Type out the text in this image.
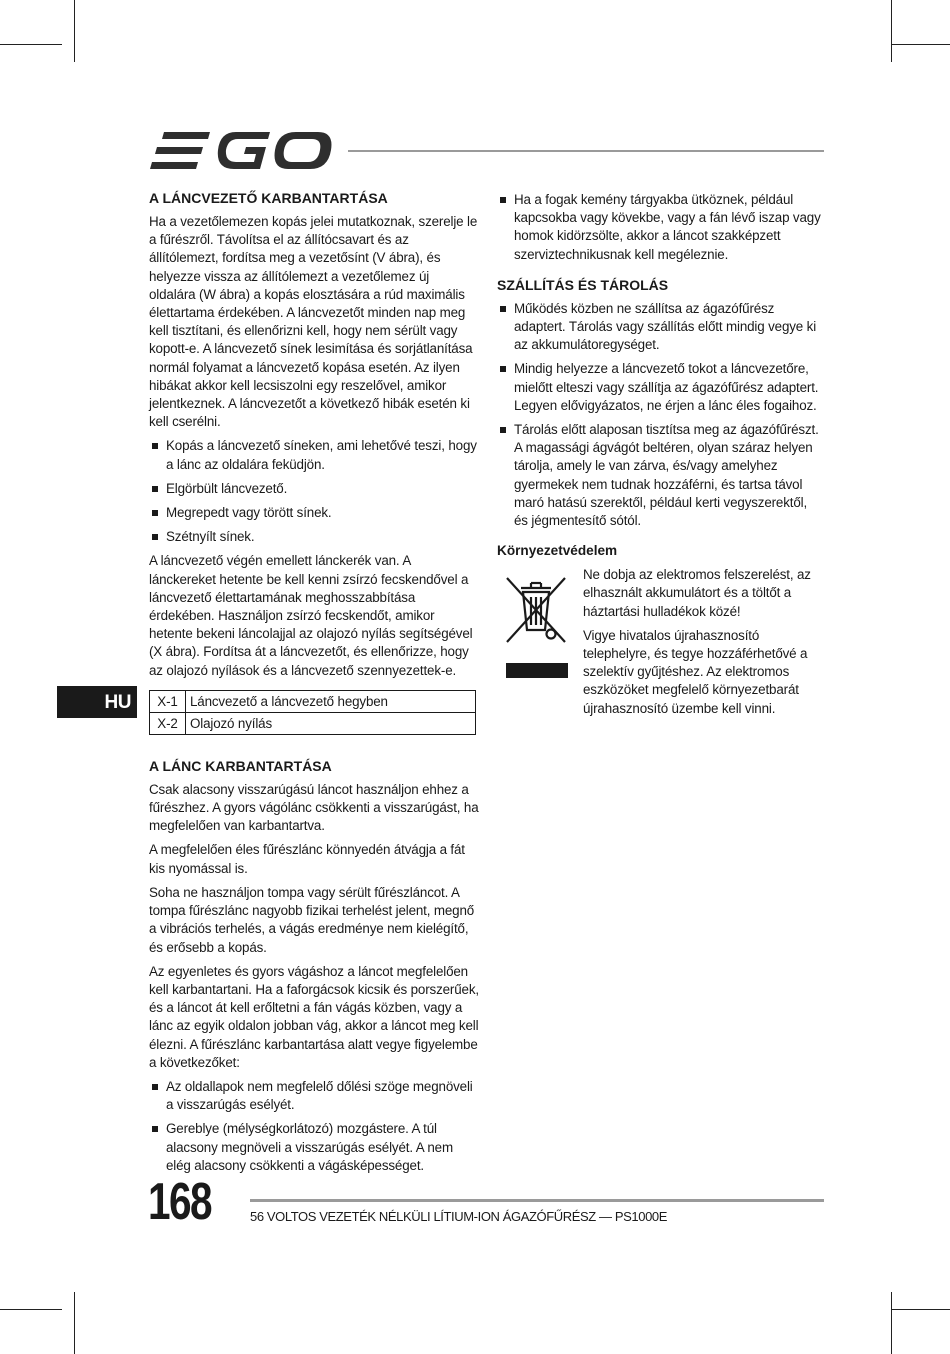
A LÁNCVEZETŐ KARBANTARTÁSA

Ha a vezetőlemezen kopás jelei mutatkoznak, szerelje le a fűrészről. Távolítsa el az állítócsavart és az állítólemezt, fordítsa meg a vezetősínt (V ábra), és helyezze vissza az állítólemezt a vezetőlemez új oldalára (W ábra) a kopás elosztására a rúd maximális élettartama érdekében. A láncvezetőt minden nap meg kell tisztítani, és ellenőrizni kell, hogy nem sérült vagy kopott-e. A láncvezető sínek lesimítása és sorjátlanítása normál folyamat a láncvezető kopása esetén. Az ilyen hibákat akkor kell lecsiszolni egy reszelővel, amikor jelentkeznek. A láncvezetőt a következő hibák esetén ki kell cserélni.

Kopás a láncvezető síneken, ami lehetővé teszi, hogy a lánc az oldalára feküdjön.
Elgörbült láncvezető.
Megrepedt vagy törött sínek.
Szétnyílt sínek.

A láncvezető végén emellett lánckerék van. A lánckereket hetente be kell kenni zsírzó fecskendővel a láncvezető élettartamának meghosszabbítása érdekében. Használjon zsírzó fecskendőt, amikor hetente bekeni láncolajjal az olajozó nyílás segítségével (X ábra). Fordítsa át a láncvezetőt, és ellenőrizze, hogy az olajozó nyílások és a láncvezető szennyezettek-e.

X-1	Láncvezető a láncvezető hegyben
X-2	Olajozó nyílás
A LÁNC KARBANTARTÁSA

Csak alacsony visszarúgású láncot használjon ehhez a fűrészhez. A gyors vágólánc csökkenti a visszarúgást, ha megfelelően van karbantartva.

A megfelelően éles fűrészlánc könnyedén átvágja a fát kis nyomással is.

Soha ne használjon tompa vagy sérült fűrészláncot. A tompa fűrészlánc nagyobb fizikai terhelést jelent, megnő a vibrációs terhelés, a vágás eredménye nem kielégítő, és erősebb a kopás.

Az egyenletes és gyors vágáshoz a láncot megfelelően kell karbantartani. Ha a faforgácsok kicsik és porszerűek, és a láncot át kell erőltetni a fán vágás közben, vagy a lánc az egyik oldalon jobban vág, akkor a láncot meg kell élezni. A fűrészlánc karbantartása alatt vegye figyelembe a következőket:

Az oldallapok nem megfelelő dőlési szöge megnöveli a visszarúgás esélyét.
Gereblye (mélységkorlátozó) mozgástere. A túl alacsony megnöveli a visszarúgás esélyét. A nem elég alacsony csökkenti a vágásképességet.
Ha a fogak kemény tárgyakba ütköznek, például kapcsokba vagy kövekbe, vagy a fán lévő iszap vagy homok kidörzsölte, akkor a láncot szakképzett szerviztechnikusnak kell megéleznie.
SZÁLLÍTÁS ÉS TÁROLÁS
Működés közben ne szállítsa az ágazófűrész adaptert. Tárolás vagy szállítás előtt mindig vegye ki az akkumulátoregységet.
Mindig helyezze a láncvezető tokot a láncvezetőre, mielőtt elteszi vagy szállítja az ágazófűrész adaptert. Legyen elővigyázatos, ne érjen a lánc éles fogaihoz.
Tárolás előtt alaposan tisztítsa meg az ágazófűrészt. A magassági ágvágót beltéren, olyan száraz helyen tárolja, amely le van zárva, és/vagy amelyhez gyermekek nem tudnak hozzáférni, és tartsa távol maró hatású szerektől, például kerti vegyszerektől, és jégmentesítő sótól.
Környezetvédelem

Ne dobja az elektromos felszerelést, az elhasznált akkumulátort és a töltőt a háztartási hulladékok közé!

Vigye hivatalos újrahasznosító telephelyre, és tegye hozzáférhetővé a szelektív gyűjtéshez. Az elektromos eszközöket megfelelő környezetbarát újrahasznosító üzembe kell vinni.

HU
168	56 VOLTOS VEZETÉK NÉLKÜLI LÍTIUM-ION ÁGAZÓFŰRÉSZ — PS1000E
